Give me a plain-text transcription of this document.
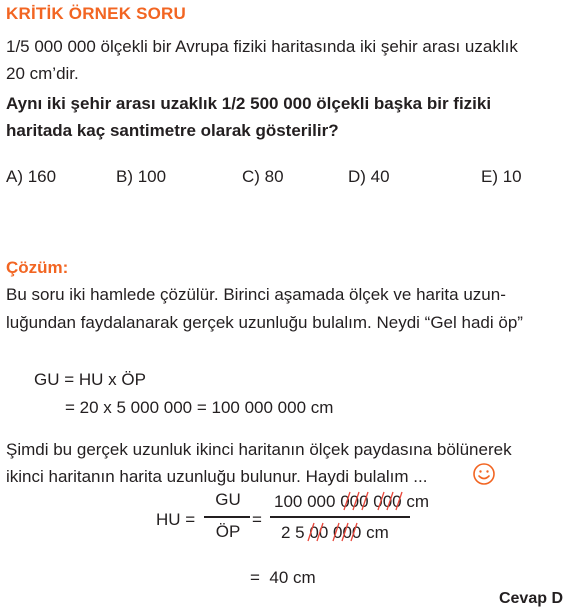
KRİTİK ÖRNEK SORU
1/5 000 000 ölçekli bir Avrupa fiziki haritasında iki şehir arası uzaklık
20 cm’dir.
Aynı iki şehir arası uzaklık 1/2 500 000 ölçekli başka bir fiziki
haritada kaç santimetre olarak gösterilir?
A) 160	B) 100	C) 80	D) 40	E) 10
Çözüm:
Bu soru iki hamlede çözülür. Birinci aşamada ölçek ve harita uzun-
luğundan faydalanarak gerçek uzunluğu bulalım. Neydi “Gel hadi öp”
GU = HU x ÖP
= 20 x 5 000 000 = 100 000 000 cm
Şimdi bu gerçek uzunluk ikinci haritanın ölçek paydasına bölünerek
ikinci haritanın harita uzunluğu bulunur. Haydi bulalım ...
HU =
GU
ÖP
=
100 000 000 000 cm
2 5 00 000 cm
=  40 cm
Cevap D
